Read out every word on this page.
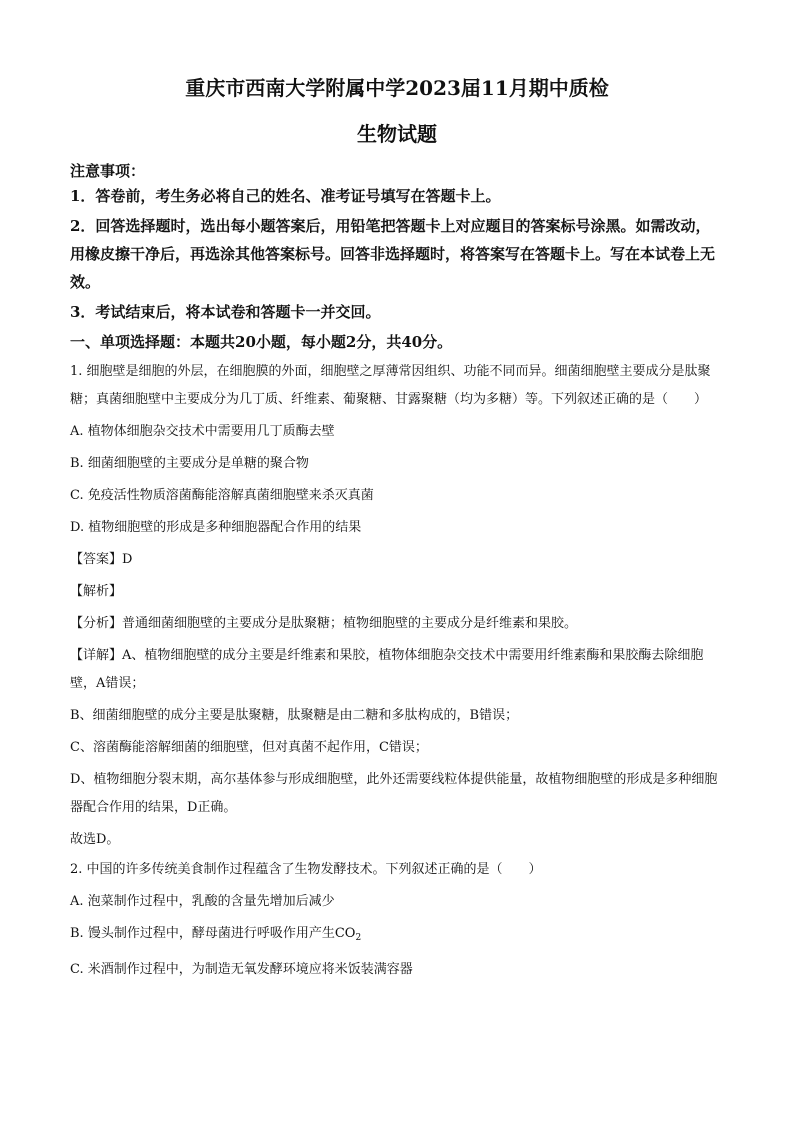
重庆市西南大学附属中学2023届11月期中质检
生物试题
注意事项：
1．答卷前，考生务必将自己的姓名、准考证号填写在答题卡上。
2．回答选择题时，选出每小题答案后，用铅笔把答题卡上对应题目的答案标号涂黑。如需改动，用橡皮擦干净后，再选涂其他答案标号。回答非选择题时，将答案写在答题卡上。写在本试卷上无效。
3．考试结束后，将本试卷和答题卡一并交回。
一、单项选择题：本题共20小题，每小题2分，共40分。
1. 细胞壁是细胞的外层，在细胞膜的外面，细胞壁之厚薄常因组织、功能不同而异。细菌细胞壁主要成分是肽聚糖；真菌细胞壁中主要成分为几丁质、纤维素、葡聚糖、甘露聚糖（均为多糖）等。下列叙述正确的是（　　）
A. 植物体细胞杂交技术中需要用几丁质酶去壁
B. 细菌细胞壁的主要成分是单糖的聚合物
C. 免疫活性物质溶菌酶能溶解真菌细胞壁来杀灭真菌
D. 植物细胞壁的形成是多种细胞器配合作用的结果
【答案】D
【解析】
【分析】普通细菌细胞壁的主要成分是肽聚糖；植物细胞壁的主要成分是纤维素和果胶。
【详解】A、植物细胞壁的成分主要是纤维素和果胶，植物体细胞杂交技术中需要用纤维素酶和果胶酶去除细胞壁，A错误；
B、细菌细胞壁的成分主要是肽聚糖，肽聚糖是由二糖和多肽构成的，B错误；
C、溶菌酶能溶解细菌的细胞壁，但对真菌不起作用，C错误；
D、植物细胞分裂末期，高尔基体参与形成细胞壁，此外还需要线粒体提供能量，故植物细胞壁的形成是多种细胞器配合作用的结果，D正确。
故选D。
2. 中国的许多传统美食制作过程蕴含了生物发酵技术。下列叙述正确的是（　　）
A. 泡菜制作过程中，乳酸的含量先增加后减少
B. 馒头制作过程中，酵母菌进行呼吸作用产生$CO_2$
C. 米酒制作过程中，为制造无氧发酵环境应将米饭装满容器
